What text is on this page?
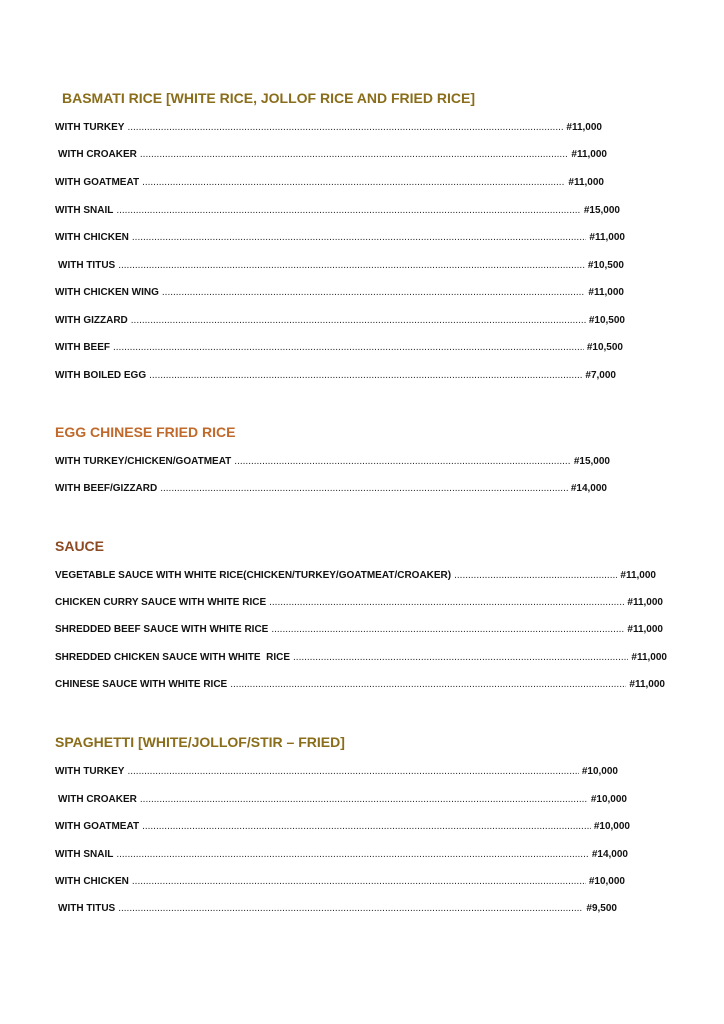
BASMATI RICE [WHITE RICE, JOLLOF RICE AND FRIED RICE]
WITH TURKEY .....	#11,000
WITH CROAKER .....	#11,000
WITH GOATMEAT .....	#11,000
WITH SNAIL .....	#15,000
WITH CHICKEN .....	#11,000
WITH TITUS .....	#10,500
WITH CHICKEN WING .....	#11,000
WITH GIZZARD .....	#10,500
WITH BEEF .....	#10,500
WITH BOILED EGG .....	#7,000
EGG CHINESE FRIED RICE
WITH TURKEY/CHICKEN/GOATMEAT .....	#15,000
WITH BEEF/GIZZARD .....	#14,000
SAUCE
VEGETABLE SAUCE WITH WHITE RICE(CHICKEN/TURKEY/GOATMEAT/CROAKER) .....	#11,000
CHICKEN CURRY SAUCE WITH WHITE RICE .....	#11,000
SHREDDED BEEF SAUCE WITH WHITE RICE .....	#11,000
SHREDDED CHICKEN SAUCE WITH WHITE  RICE .....	#11,000
CHINESE SAUCE WITH WHITE RICE .....	#11,000
SPAGHETTI [WHITE/JOLLOF/STIR – FRIED]
WITH TURKEY .....	#10,000
WITH CROAKER .....	#10,000
WITH GOATMEAT .....	#10,000
WITH SNAIL .....	#14,000
WITH CHICKEN .....	#10,000
WITH TITUS .....	#9,500
